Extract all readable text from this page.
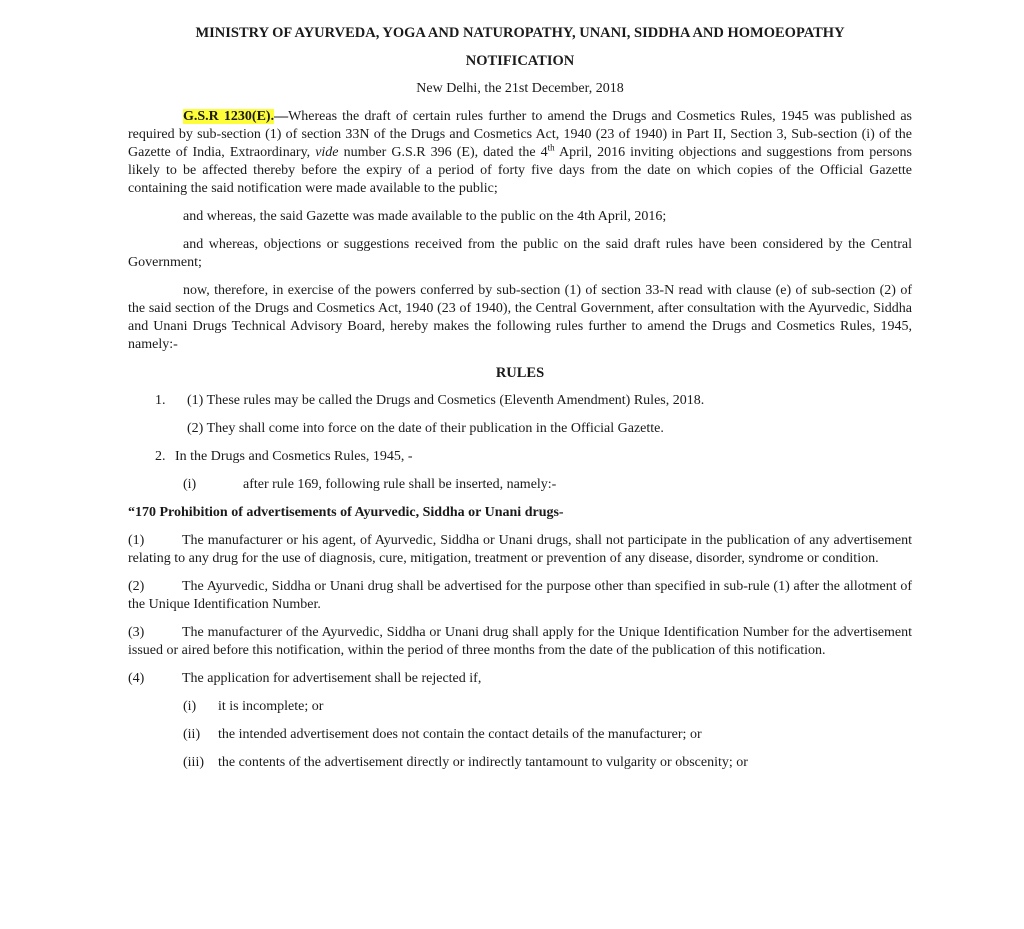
MINISTRY OF AYURVEDA, YOGA AND NATUROPATHY, UNANI, SIDDHA AND HOMOEOPATHY
NOTIFICATION
New Delhi, the 21st December, 2018

G.S.R 1230(E).—Whereas the draft of certain rules further to amend the Drugs and Cosmetics Rules, 1945 was published as required by sub-section (1) of section 33N of the Drugs and Cosmetics Act, 1940 (23 of 1940) in Part II, Section 3, Sub-section (i) of the Gazette of India, Extraordinary, vide number G.S.R 396 (E), dated the 4th April, 2016 inviting objections and suggestions from persons likely to be affected thereby before the expiry of a period of forty five days from the date on which copies of the Official Gazette containing the said notification were made available to the public;

and whereas, the said Gazette was made available to the public on the 4th April, 2016;

and whereas, objections or suggestions received from the public on the said draft rules have been considered by the Central Government;

now, therefore, in exercise of the powers conferred by sub-section (1) of section 33-N read with clause (e) of sub-section (2) of the said section of the Drugs and Cosmetics Act, 1940 (23 of 1940), the Central Government, after consultation with the Ayurvedic, Siddha and Unani Drugs Technical Advisory Board, hereby makes the following rules further to amend the Drugs and Cosmetics Rules, 1945, namely:-

RULES
1. (1) These rules may be called the Drugs and Cosmetics (Eleventh Amendment) Rules, 2018.
(2) They shall come into force on the date of their publication in the Official Gazette.
2. In the Drugs and Cosmetics Rules, 1945, -
(i)	after rule 169, following rule shall be inserted, namely:-

“170 Prohibition of advertisements of Ayurvedic, Siddha or Unani drugs-

(1)	The manufacturer or his agent, of Ayurvedic, Siddha or Unani drugs, shall not participate in the publication of any advertisement relating to any drug for the use of diagnosis, cure, mitigation, treatment or prevention of any disease, disorder, syndrome or condition.

(2)	The Ayurvedic, Siddha or Unani drug shall be advertised for the purpose other than specified in sub-rule (1) after the allotment of the Unique Identification Number.

(3)	The manufacturer of the Ayurvedic, Siddha or Unani drug shall apply for the Unique Identification Number for the advertisement issued or aired before this notification, within the period of three months from the date of the publication of this notification.

(4)	The application for advertisement shall be rejected if,

(i) it is incomplete; or
(ii) the intended advertisement does not contain the contact details of the manufacturer; or
(iii) the contents of the advertisement directly or indirectly tantamount to vulgarity or obscenity; or
